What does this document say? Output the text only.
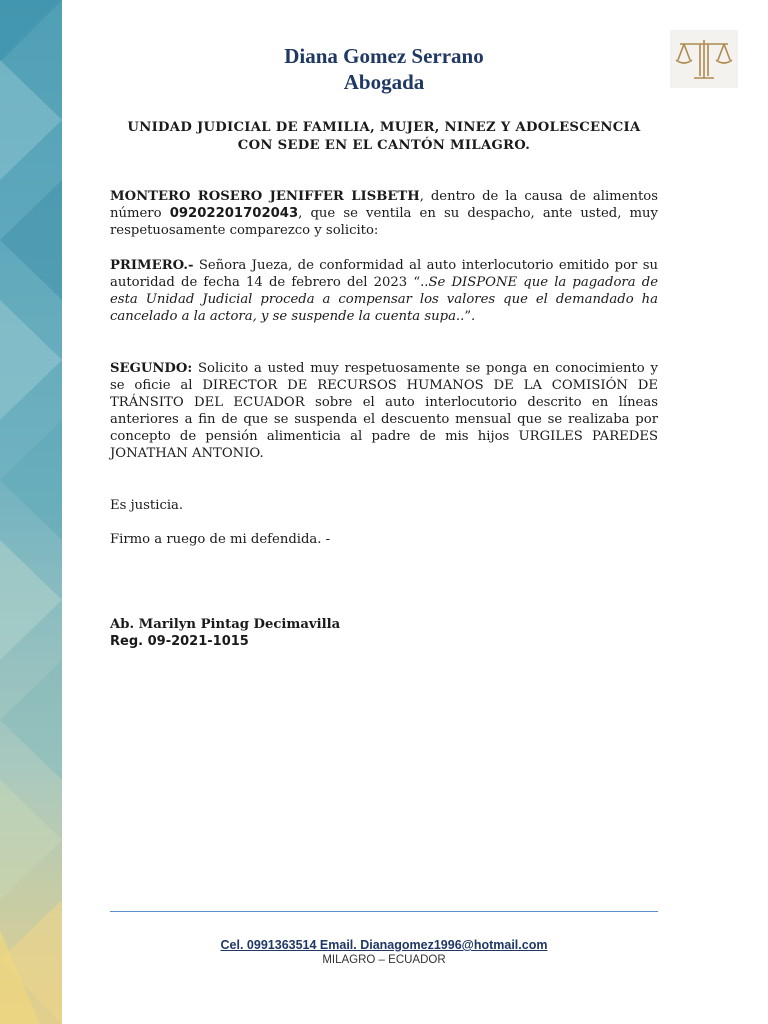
Diana Gomez Serrano
Abogada
UNIDAD JUDICIAL DE FAMILIA, MUJER, NINEZ Y ADOLESCENCIA
CON SEDE EN EL CANTÓN MILAGRO.
MONTERO ROSERO JENIFFER LISBETH, dentro de la causa de alimentos número 09202201702043, que se ventila en su despacho, ante usted, muy respetuosamente comparezco y solicito:
PRIMERO.- Señora Jueza, de conformidad al auto interlocutorio emitido por su autoridad de fecha 14 de febrero del 2023 “..Se DISPONE que la pagadora de esta Unidad Judicial proceda a compensar los valores que el demandado ha cancelado a la actora, y se suspende la cuenta supa..”.
SEGUNDO: Solicito a usted muy respetuosamente se ponga en conocimiento y se oficie al DIRECTOR DE RECURSOS HUMANOS DE LA COMISIÓN DE TRÁNSITO DEL ECUADOR sobre el auto interlocutorio descrito en líneas anteriores a fin de que se suspenda el descuento mensual que se realizaba por concepto de pensión alimenticia al padre de mis hijos URGILES PAREDES JONATHAN ANTONIO.
Es justicia.
Firmo a ruego de mi defendida. -
Ab. Marilyn Pintag Decimavilla
Reg. 09-2021-1015
Cel. 0991363514 Email. Dianagomez1996@hotmail.com
MILAGRO – ECUADOR
